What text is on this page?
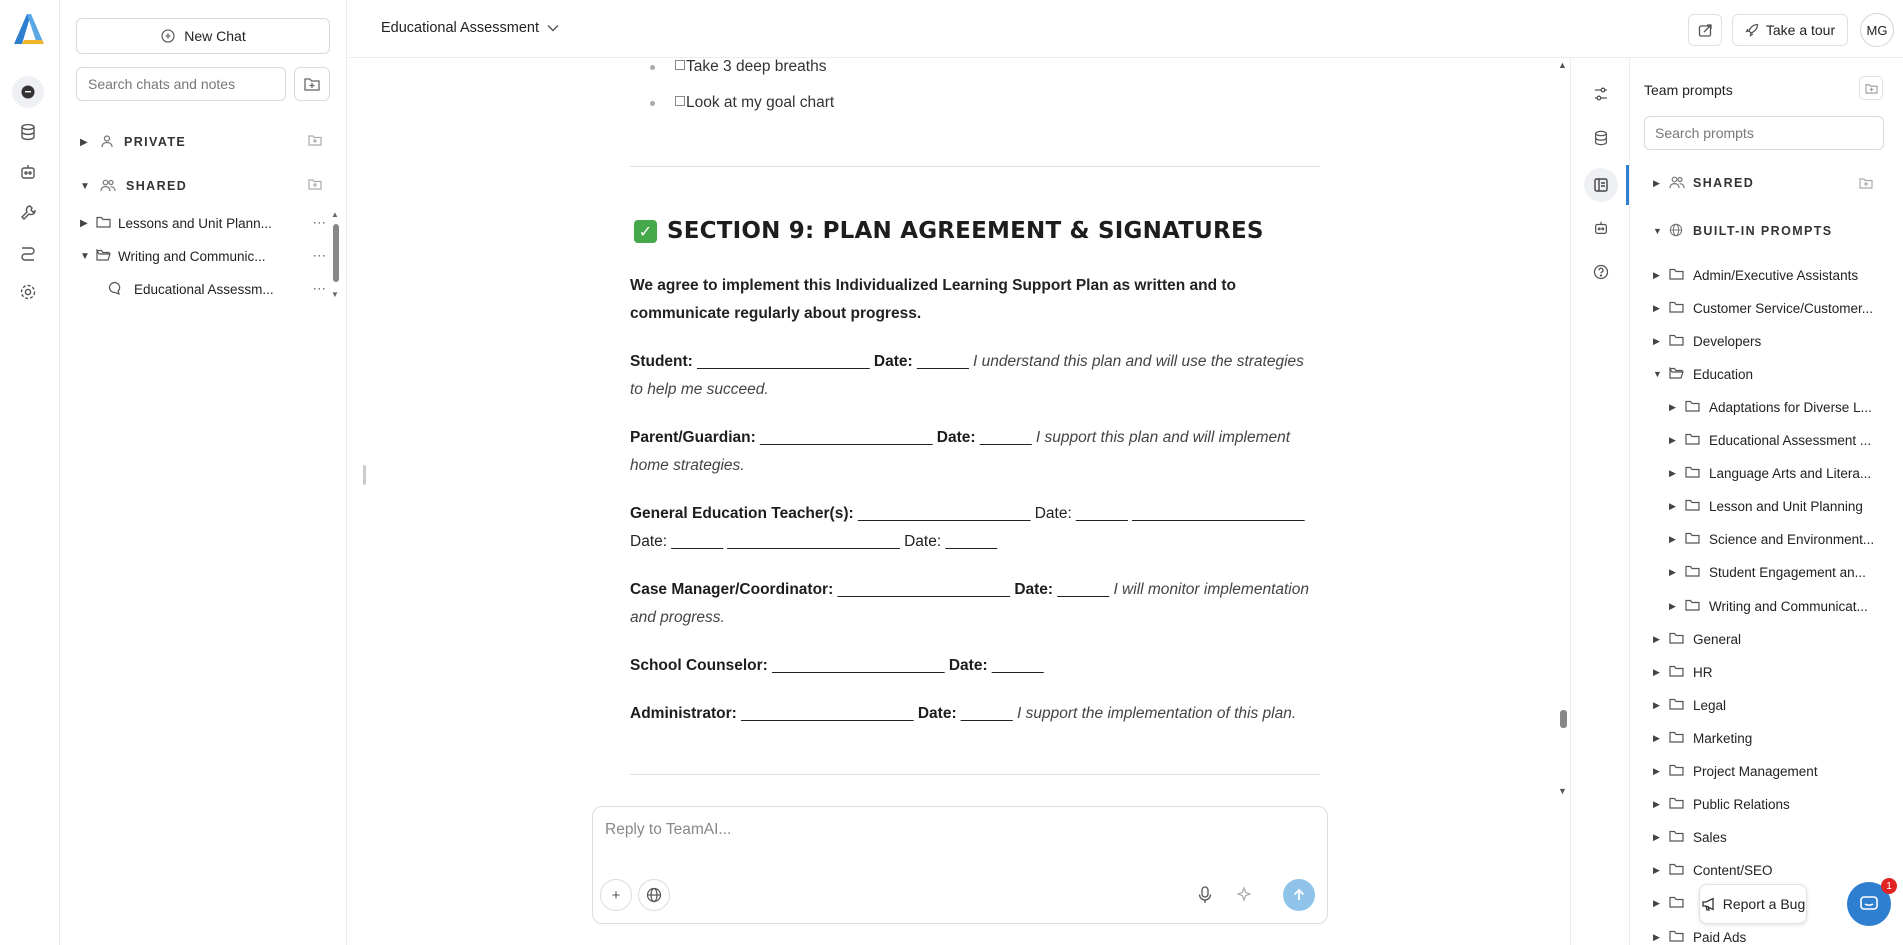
New Chat
Search chats and notes
▶	PRIVATE
▼	SHARED
▶	Lessons and Unit Plann...	⋯
▼	Writing and Communic...	⋯
Educational Assessm...	⋯
▲
▼
Educational Assessment	Take a tour	MG
Take 3 deep breaths
Look at my goal chart
✓ SECTION 9: PLAN AGREEMENT & SIGNATURES

We agree to implement this Individualized Learning Support Plan as written and to communicate regularly about progress.

Student: ____________________ Date: ______ I understand this plan and will use the strategies to help me succeed.

Parent/Guardian: ____________________ Date: ______ I support this plan and will implement home strategies.

General Education Teacher(s): ____________________ Date: ______ ____________________ Date: ______ ____________________ Date: ______

Case Manager/Coordinator: ____________________ Date: ______ I will monitor implementation and progress.

School Counselor: ____________________ Date: ______

Administrator: ____________________ Date: ______ I support the implementation of this plan.

▲
▼
Reply to TeamAI...
+
Team prompts
Search prompts
▶	SHARED
▼	BUILT-IN PROMPTS
▶	Admin/Executive Assistants
▶	Customer Service/Customer...
▶	Developers
▼	Education
▶	Adaptations for Diverse L...
▶	Educational Assessment ...
▶	Language Arts and Litera...
▶	Lesson and Unit Planning
▶	Science and Environment...
▶	Student Engagement an...
▶	Writing and Communicat...
▶	General
▶	HR
▶	Legal
▶	Marketing
▶	Project Management
▶	Public Relations
▶	Sales
▶	Content/SEO
▶
▶	Paid Ads
Report a Bug
1
